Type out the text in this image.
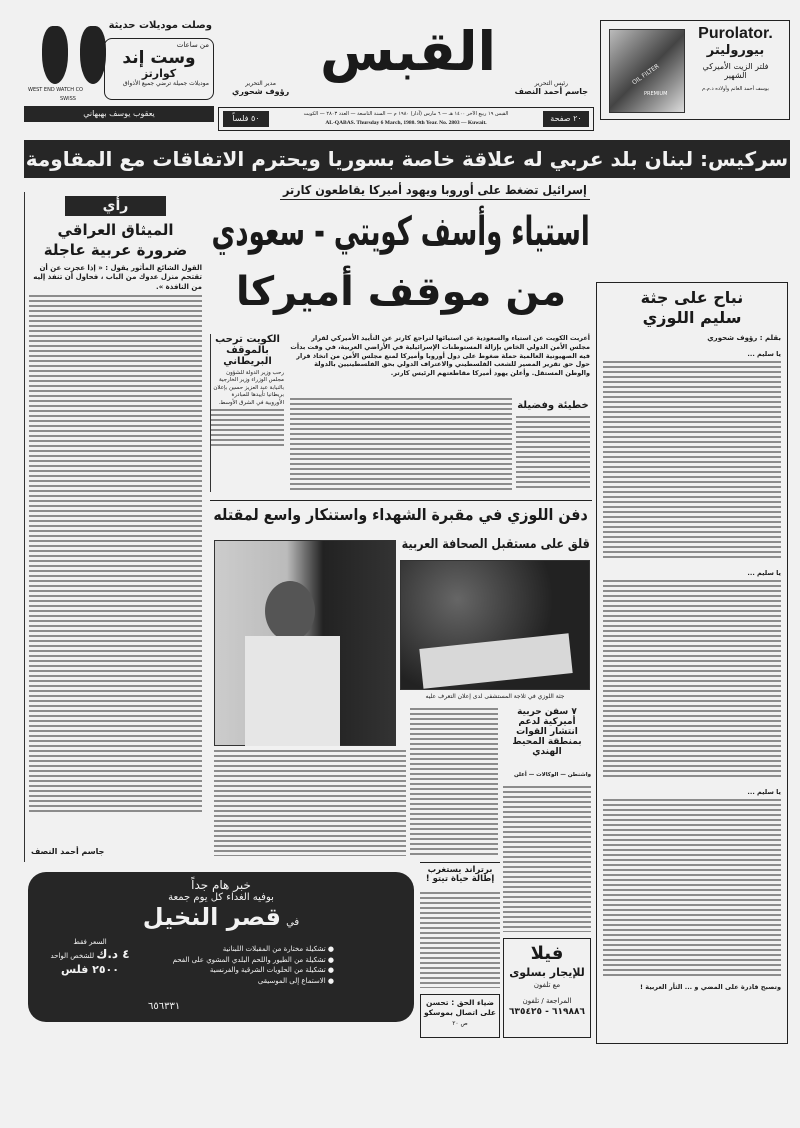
وصلت موديلات حديثة
WEST END WATCH CO
SWISS
من ساعات
وست إند
كوارتز
موديلات جميلة ترضي جميع الأذواق
يعقوب يوسف بهبهاني
القبس
رئيس التحرير
جاسم أحمد النصف
مدير التحرير
رؤوف شحوري
٢٠ صفحة
٥٠ فلساً	القبس ١٩ ربيع الآخر ١٤٠٠ هـ — ٦ مارس (آذار) ١٩٨٠ م — السنة التاسعة — العدد ٢٨٠٣ — الكويت
AL-QABAS. Thursday 6 March, 1980. 9th Year. No. 2803 — Kuwait.
Purolator.
بيوروليتر
فلتر الزيت الأميركي
الشهير
يوسف أحمد الغانم وأولاده ذ.م.م
OIL FILTER
PREMIUM
سركيس: لبنان بلد عربي له علاقة خاصة بسوريا ويحترم الاتفاقات مع المقاومة
إسرائيل تضغط على أوروبا ويهود أميركا يقاطعون كارتر
رأي
الميثاق العراقي
ضرورة عربية عاجلة
القول الشائع المأثور يقول : « إذا عجزت عن أن تقتحم منزل عدوك من الباب ، فحاول أن تنفذ إليه من النافذة ».
جاسم أحمد النصف
استياء وأسف كويتي - سعودي
من موقف أميركا
أعربت الكويت عن استياء والسعودية عن استيائها لتراجع كارتر عن التأييد الأميركي لقرار مجلس الأمن الدولي الخاص بإزالة المستوطنات الإسرائيلية في الأراضي العربية، في وقت بدأت فيه الصهيونية العالمية حملة ضغوط على دول أوروبا وأميركا لمنع مجلس الأمن من اتخاذ قرار حول حق تقرير المصير للشعب الفلسطيني والاعتراف الدولي بحق الفلسطينيين بالدولة والوطن المستقل. وأعلن يهود أميركا مقاطعتهم الرئيس كارتر.
خطيئة وفضيلة
الكويت ترحب بالموقف البريطاني
رحب وزير الدولة للشؤون مجلس الوزراء وزير الخارجية بالنيابة عبد العزيز حسين بإعلان بريطانيا تأييدها للمبادرة الأوروبية في الشرق الأوسط.
دفن اللوزي في مقبرة الشهداء واستنكار واسع لمقتله
قلق على مستقبل الصحافة العربية
جثة اللوزي في ثلاجة المستشفى لدى إعلان التعرف عليه
٧ سفن حربية أميركية لدعم انتشار القوات بمنطقة المحيط الهندي
واشنطن — الوكالات — أعلن
برتراند يستغرب إطالة حياة تيتو !
ضياء الحق : تحسن على اتصال بموسكو
ص ٢٠
فيلا
للإيجار بسلوى
مع تلفون
المراجعة / تلفون
٦١٩٨٨٦ - ٦٣٥٤٢٥
خبر هام جداً
بوفيه الغداء كل يوم جمعة
في قصر النخيل
● تشكيلة مختارة من المقبلات اللبنانية
● تشكيلة من الطيور واللحم البلدي المشوي على الفحم
● تشكيلة من الحلويات الشرقية والفرنسية
● الاستماع إلى الموسيقى
السعر فقط
٤ د.ك للشخص الواحد
٢٥٠٠ فلس
٦٥٦٣٣١
نباح على جثة
سليم اللوزي
بقلم : رؤوف شحوري
يا سليم ...
يا سليم ...
يا سليم ...
وتصبح قادرة على المضي و ... الثأر العربية !
